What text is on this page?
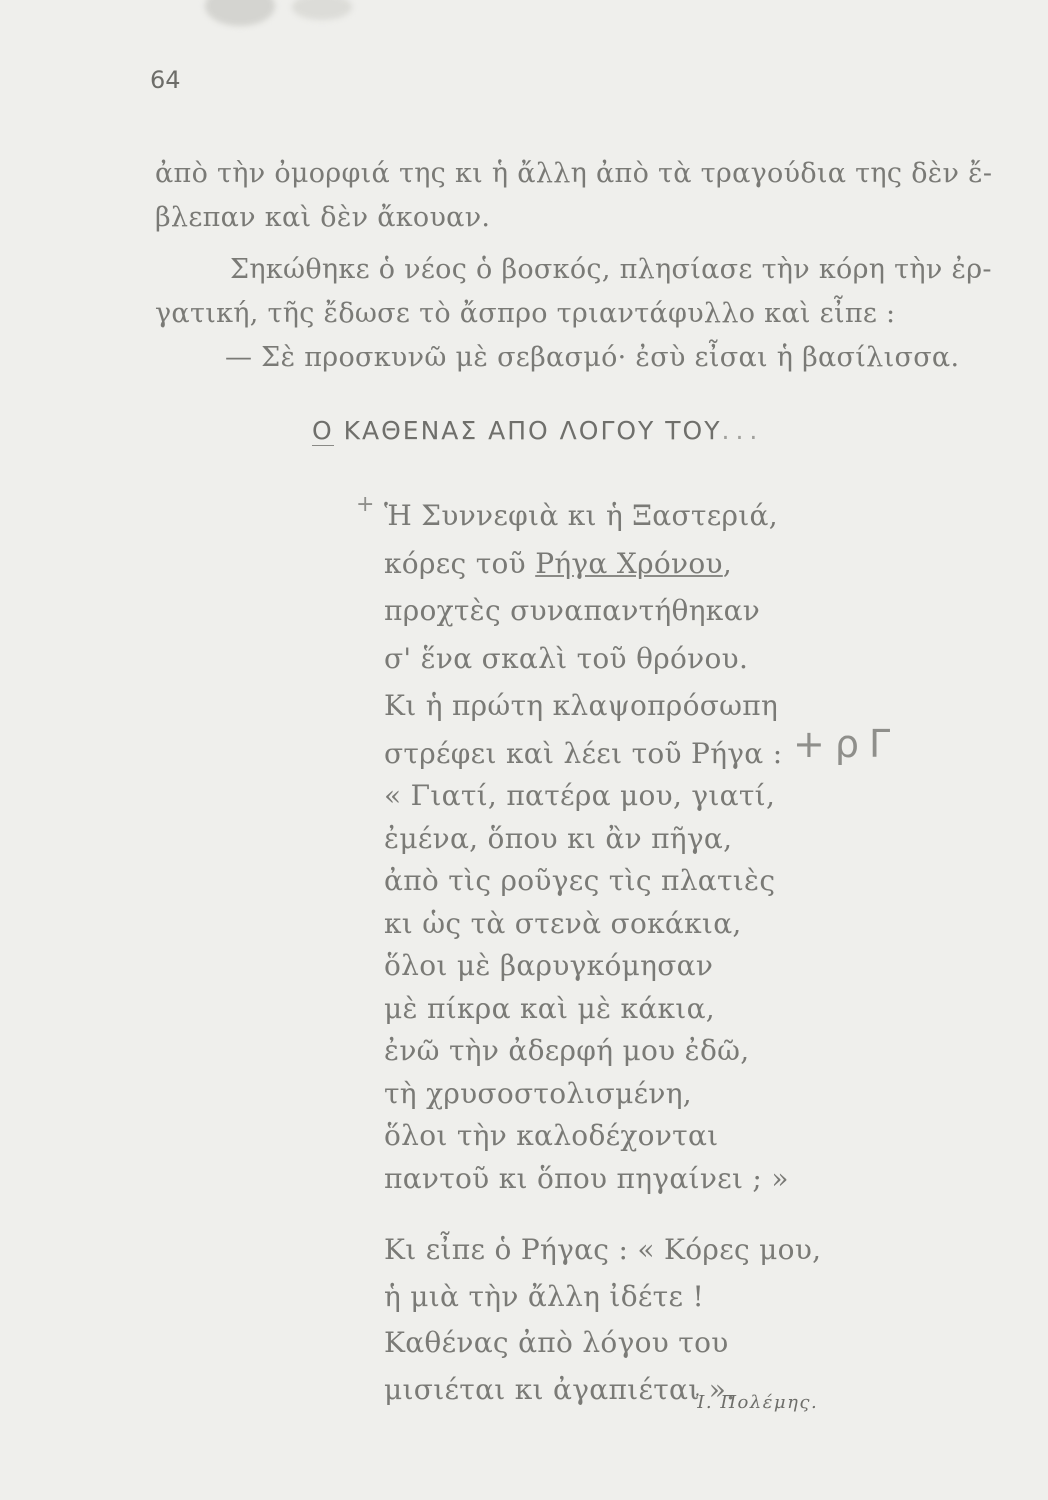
64

ἀπὸ τὴν ὀμορφιά της κι ἡ ἄλλη ἀπὸ τὰ τραγούδια της δὲν ἔ-

βλεπαν καὶ δὲν ἄκουαν.

Σηκώθηκε ὁ νέος ὁ βοσκός, πλησίασε τὴν κόρη τὴν ἐρ-

γατική, τῆς ἔδωσε τὸ ἄσπρο τριαντάφυλλο καὶ εἶπε :

— Σὲ προσκυνῶ μὲ σεβασμό· ἐσὺ εἶσαι ἡ βασίλισσα.

Ο ΚΑΘΕΝΑΣ ΑΠΟ ΛΟΓΟΥ ΤΟΥ...
+ Ἡ Συννεφιὰ κι ἡ Ξαστεριά,

κόρες τοῦ Ρήγα Χρόνου,

προχτὲς συναπαντήθηκαν

σ' ἕνα σκαλὶ τοῦ θρόνου.

Κι ἡ πρώτη κλαψοπρόσωπη

στρέφει καὶ λέει τοῦ Ρήγα : +ρΓ

« Γιατί, πατέρα μου, γιατί,

ἐμένα, ὅπου κι ἂν πῆγα,

ἀπὸ τὶς ροῦγες τὶς πλατιὲς

κι ὡς τὰ στενὰ σοκάκια,

ὅλοι μὲ βαρυγκόμησαν

μὲ πίκρα καὶ μὲ κάκια,

ἐνῶ τὴν ἀδερφή μου ἐδῶ,

τὴ χρυσοστολισμένη,

ὅλοι τὴν καλοδέχονται

παντοῦ κι ὅπου πηγαίνει ; »

Κι εἶπε ὁ Ρήγας : « Κόρες μου,

ἡ μιὰ τὴν ἄλλη ἰδέτε !

Καθένας ἀπὸ λόγου του

μισιέται κι ἀγαπιέται ».

Ἰ. Πολέμης.
